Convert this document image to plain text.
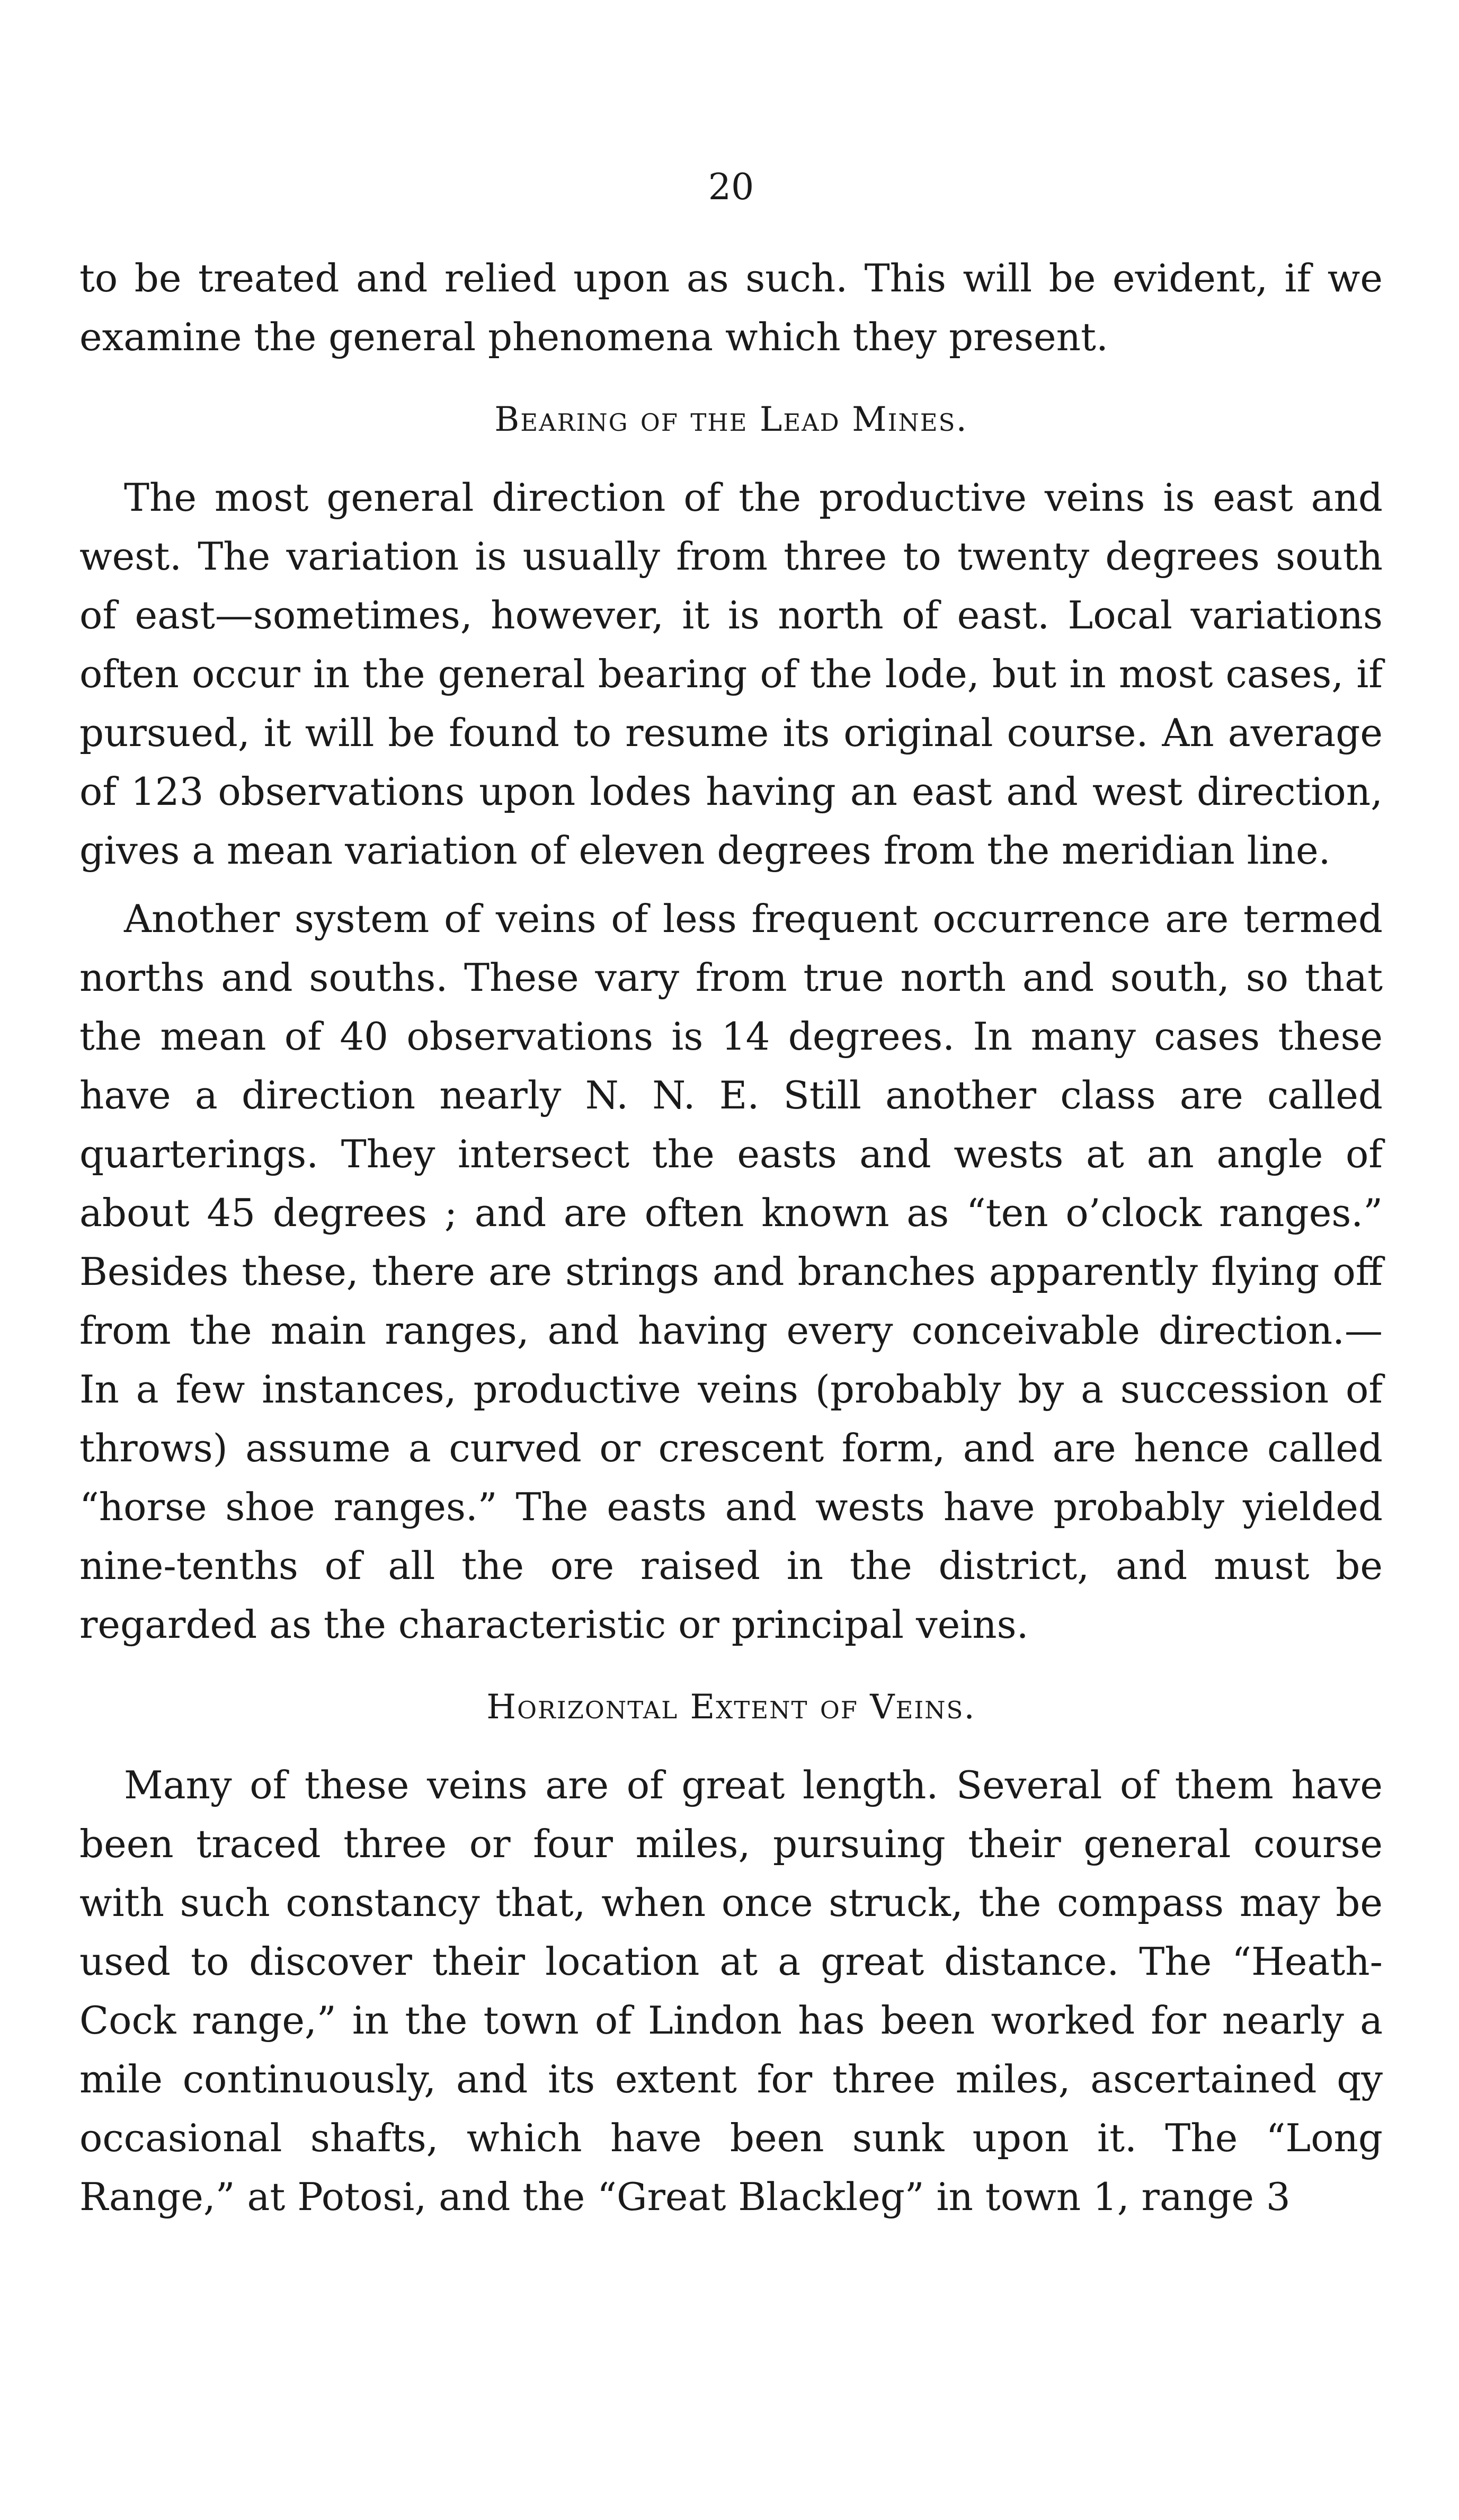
20

to be treated and relied upon as such. This will be evident, if we examine the general phenomena which they present.

Bearing of the Lead Mines.

The most general direction of the productive veins is east and west. The variation is usually from three to twenty degrees south of east—sometimes, however, it is north of east. Local variations often occur in the general bearing of the lode, but in most cases, if pursued, it will be found to resume its original course. An average of 123 observations upon lodes having an east and west direction, gives a mean variation of eleven degrees from the meridian line.

Another system of veins of less frequent occurrence are termed norths and souths. These vary from true north and south, so that the mean of 40 observations is 14 degrees. In many cases these have a direction nearly N. N. E. Still another class are called quarterings. They intersect the easts and wests at an angle of about 45 degrees ; and are often known as “ten o’clock ranges.” Besides these, there are strings and branches apparently flying off from the main ranges, and having every conceivable direction.— In a few instances, productive veins (probably by a succession of throws) assume a curved or crescent form, and are hence called “horse shoe ranges.” The easts and wests have probably yielded nine-tenths of all the ore raised in the district, and must be regarded as the characteristic or principal veins.

Horizontal Extent of Veins.

Many of these veins are of great length. Several of them have been traced three or four miles, pursuing their general course with such constancy that, when once struck, the compass may be used to discover their location at a great distance. The “Heath-Cock range,” in the town of Lindon has been worked for nearly a mile continuously, and its extent for three miles, ascertained qy occasional shafts, which have been sunk upon it. The “Long Range,” at Potosi, and the “Great Blackleg” in town 1, range 3
